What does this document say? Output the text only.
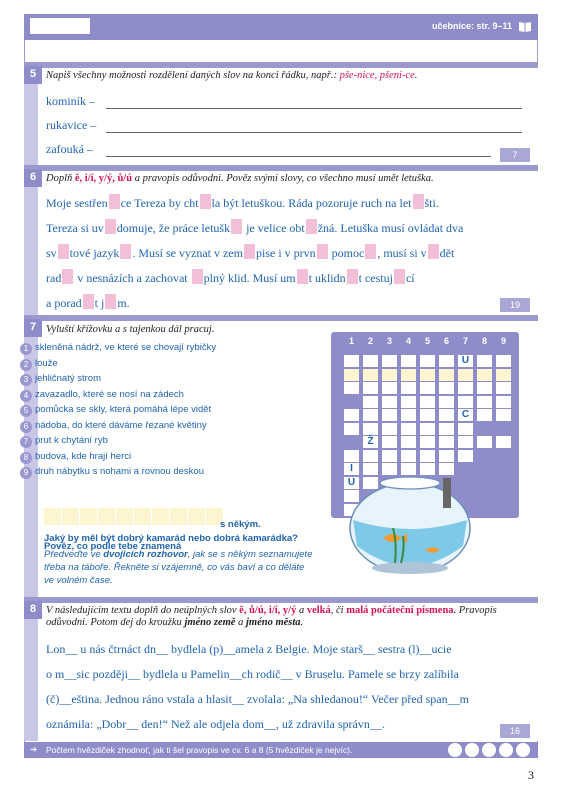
učebnice: str. 9–11
5 Napiš všechny možnosti rozdělení daných slov na konci řádku, např.: pše-nice, pšeni-ce.
kominík –
rukavice –
zafouká –	7
6 Doplň ě, i/í, y/ý, ů/ú a pravopis odůvodni. Pověz svými slovy, co všechno musí umět letuška.
Moje sestřen ce Tereza by cht la být letuškou. Ráda pozoruje ruch na let šti.
Tereza si uv domuje, že práce letušk je velice obt žná. Letuška musí ovládat dva
sv tové jazyk . Musí se vyznat v zem pise i v prvn pomoc , musí si v dět
rad v nesnázích a zachovat plný klid. Musí um t uklidn t cestuj cí
a porad t j m.	19
7 Vyluští křížovku a s tajenkou dál pracuj.
1 skleněná nádrž, ve které se chovají rybičky
2 louže
3 jehličnatý strom
4 zavazadlo, které se nosí na zádech
5 pomůcka se skly, která pomáhá lépe vidět
6 nádoba, do které dáváme řezané květiny
7 prut k chytání ryb
8 budova, kde hrají herci
9 druh nábytku s nohami a rovnou deskou
1	2	3	4	5	6	7	8	9
U
C
Ž
I
U
Pověz, co podle tebe znamená
s někým.
Jaký by měl být dobrý kamarád nebo dobrá kamarádka?
Předveďte ve dvojicích rozhovor, jak se s někým seznamujete třeba na táboře. Řekněte si vzájemně, co vás baví a co děláte ve volném čase.
8 V následujícím textu doplň do neúplných slov ě, ů/ú, i/í, y/ý a velká, či malá počáteční písmena. Pravopis odůvodni. Potom dej do kroužku jméno země a jméno města.
Lon__ u nás čtrnáct dn__ bydlela (p)__amela z Belgie. Moje starš__ sestra (l)__ucie
o m__sic později__ bydlela u Pamelin__ch rodič__ v Bruselu. Pamele se brzy zalíbila
(č)__eština. Jednou ráno vstala a hlasit__ zvolala: „Na shledanou!“ Večer před span__m
oznámila: „Dobr__ den!“ Než ale odjela dom__, už zdravila správn__.	16
➔ Počtem hvězdiček zhodnoť, jak ti šel pravopis ve cv. 6 a 8 (5 hvězdiček je nejvíc).
3
